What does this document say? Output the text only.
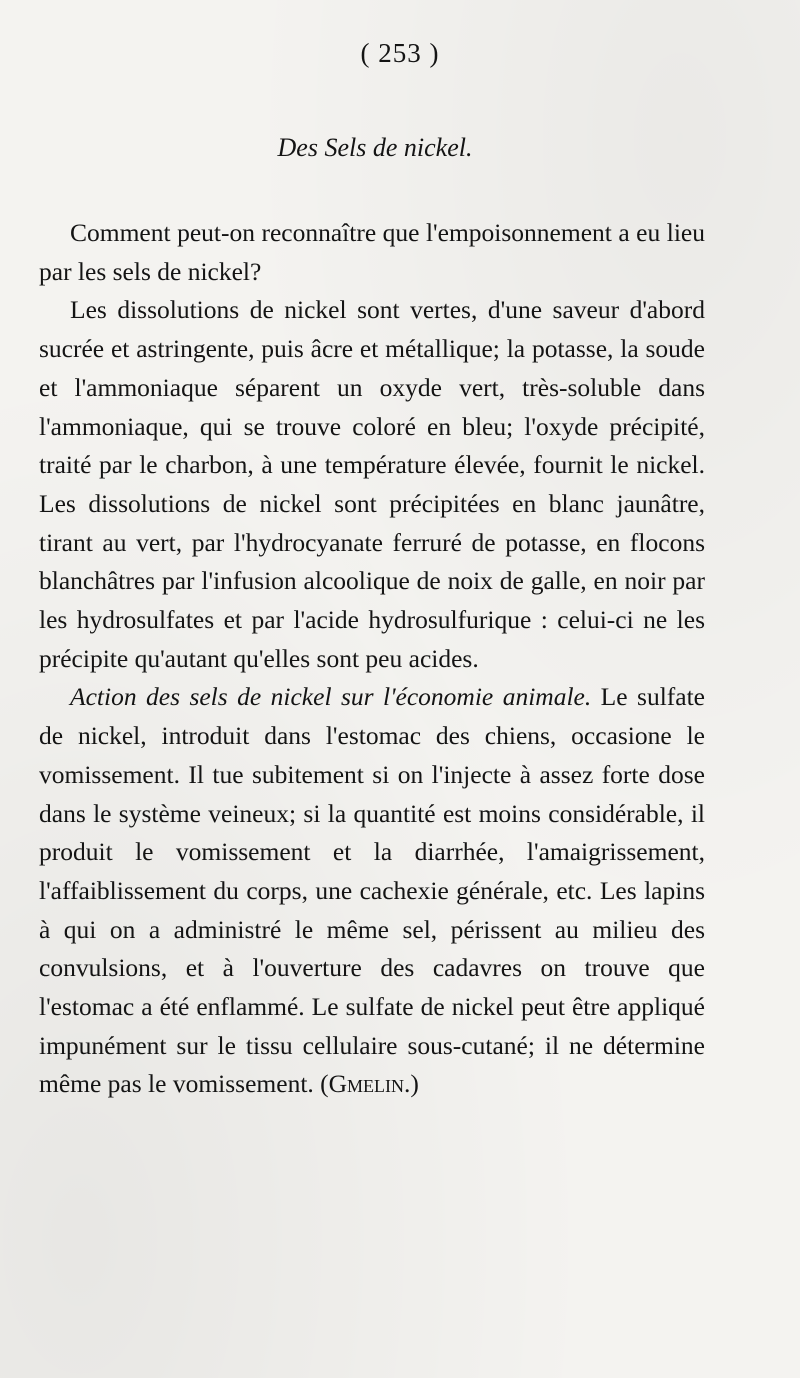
( 253 )
Des Sels de nickel.

Comment peut-on reconnaître que l'empoisonnement a eu lieu par les sels de nickel?

Les dissolutions de nickel sont vertes, d'une saveur d'abord sucrée et astringente, puis âcre et métallique; la potasse, la soude et l'ammoniaque séparent un oxyde vert, très-soluble dans l'ammoniaque, qui se trouve coloré en bleu; l'oxyde précipité, traité par le charbon, à une température élevée, fournit le nickel. Les dissolutions de nickel sont précipitées en blanc jaunâtre, tirant au vert, par l'hydrocyanate ferruré de potasse, en flocons blanchâtres par l'infusion alcoolique de noix de galle, en noir par les hydrosulfates et par l'acide hydrosulfurique : celui-ci ne les précipite qu'autant qu'elles sont peu acides.

Action des sels de nickel sur l'économie animale. Le sulfate de nickel, introduit dans l'estomac des chiens, occasione le vomissement. Il tue subitement si on l'injecte à assez forte dose dans le système veineux; si la quantité est moins considérable, il produit le vomissement et la diarrhée, l'amaigrissement, l'affaiblissement du corps, une cachexie générale, etc. Les lapins à qui on a administré le même sel, périssent au milieu des convulsions, et à l'ouverture des cadavres on trouve que l'estomac a été enflammé. Le sulfate de nickel peut être appliqué impunément sur le tissu cellulaire sous-cutané; il ne détermine même pas le vomissement. (Gmelin.)
